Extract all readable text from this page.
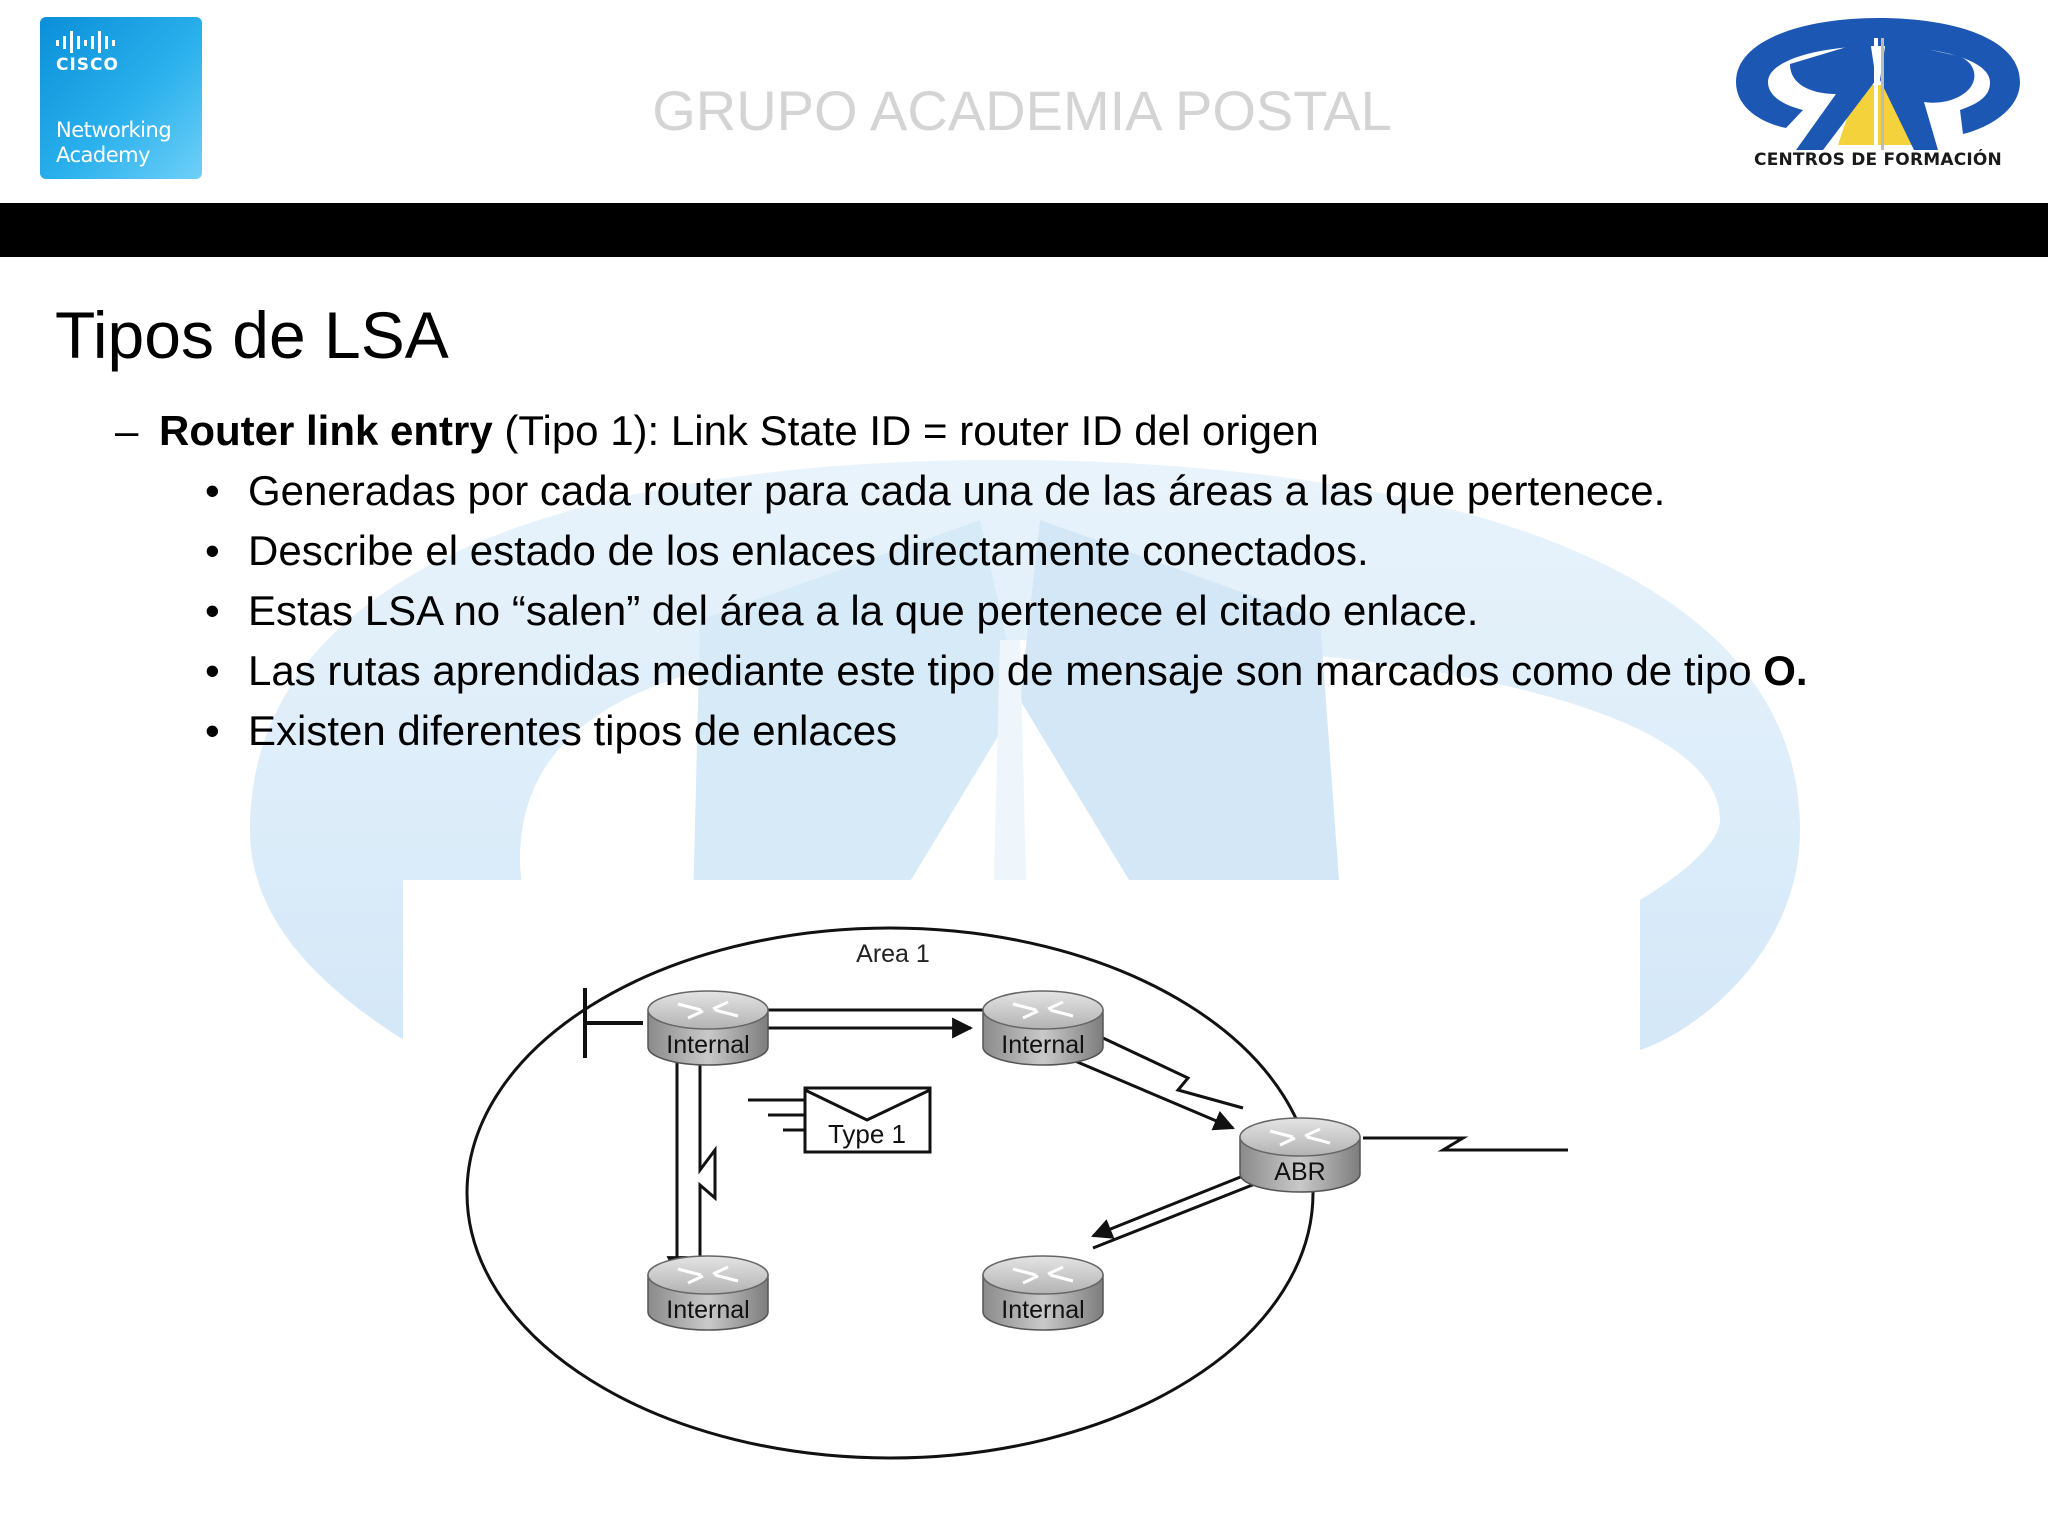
CISCO
Networking
Academy
GRUPO ACADEMIA POSTAL
CENTROS DE FORMACIÓN
Tipos de LSA
– Router link entry (Tipo 1): Link State ID = router ID del origen
• Generadas por cada router para cada una de las áreas a las que pertenece.
• Describe el estado de los enlaces directamente conectados.
• Estas LSA no “salen” del área a la que pertenece el citado enlace.
• Las rutas aprendidas mediante este tipo de mensaje son marcados como de tipo O.
• Existen diferentes tipos de enlaces
Area 1
Type 1
Internal	Internal
ABR
Internal	Internal
